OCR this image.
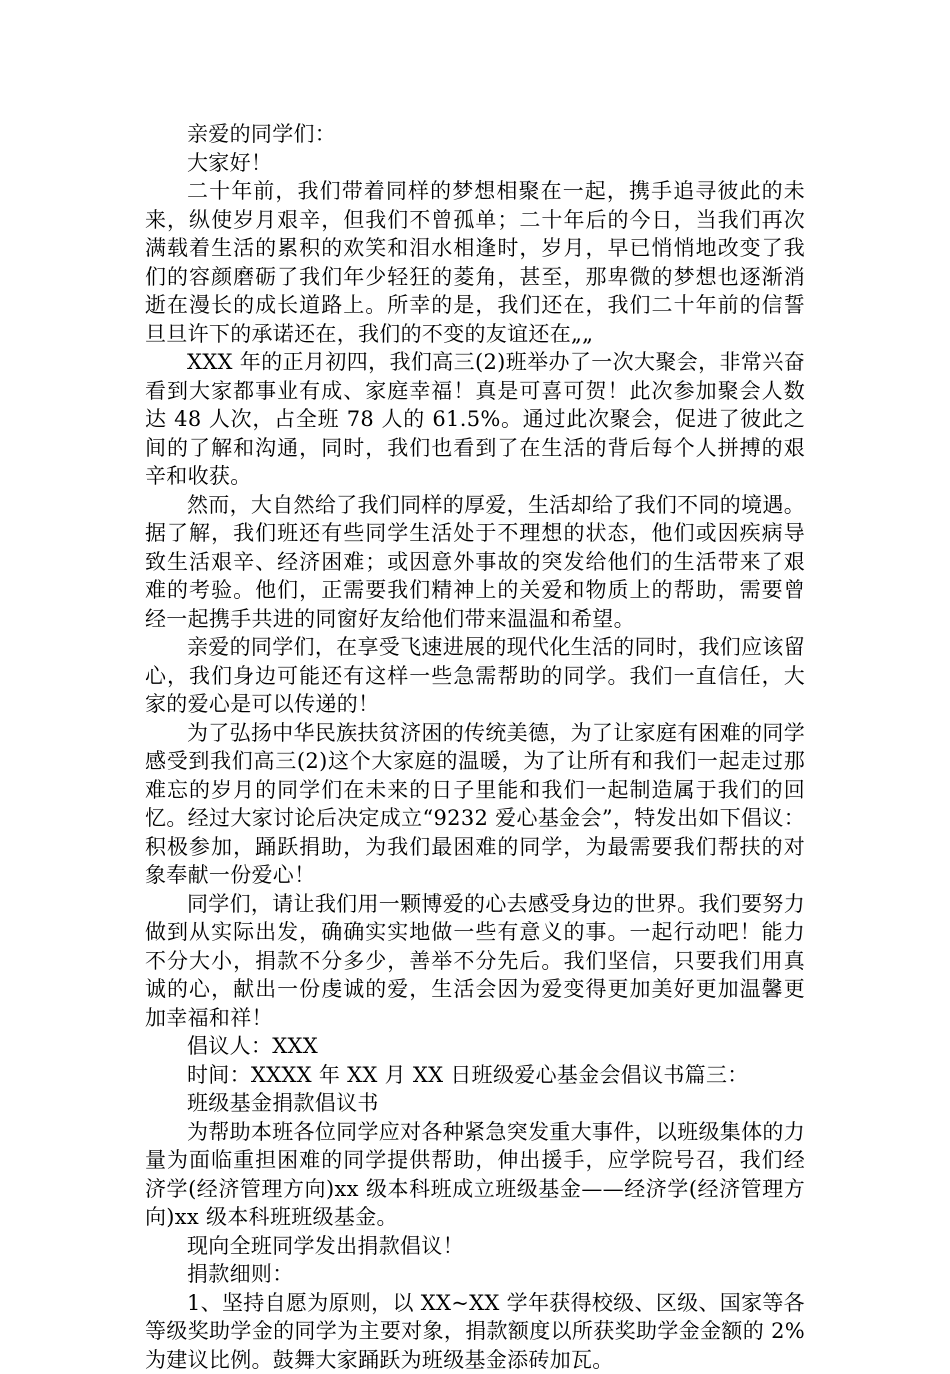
亲爱的同学们：

大家好！

二十年前，我们带着同样的梦想相聚在一起，携手追寻彼此的未来，纵使岁月艰辛，但我们不曾孤单；二十年后的今日，当我们再次满载着生活的累积的欢笑和泪水相逢时，岁月，早已悄悄地改变了我们的容颜磨砺了我们年少轻狂的菱角，甚至，那卑微的梦想也逐渐消逝在漫长的成长道路上。所幸的是，我们还在，我们二十年前的信誓旦旦许下的承诺还在，我们的不变的友谊还在„„

XXX 年的正月初四，我们高三(2)班举办了一次大聚会，非常兴奋看到大家都事业有成、家庭幸福！真是可喜可贺！此次参加聚会人数达 48 人次，占全班 78 人的 61.5%。通过此次聚会，促进了彼此之间的了解和沟通，同时，我们也看到了在生活的背后每个人拼搏的艰辛和收获。

然而，大自然给了我们同样的厚爱，生活却给了我们不同的境遇。据了解，我们班还有些同学生活处于不理想的状态，他们或因疾病导致生活艰辛、经济困难；或因意外事故的突发给他们的生活带来了艰难的考验。他们，正需要我们精神上的关爱和物质上的帮助，需要曾经一起携手共进的同窗好友给他们带来温温和希望。

亲爱的同学们，在享受飞速进展的现代化生活的同时，我们应该留心，我们身边可能还有这样一些急需帮助的同学。我们一直信任，大家的爱心是可以传递的！

为了弘扬中华民族扶贫济困的传统美德，为了让家庭有困难的同学感受到我们高三(2)这个大家庭的温暖，为了让所有和我们一起走过那难忘的岁月的同学们在未来的日子里能和我们一起制造属于我们的回忆。经过大家讨论后决定成立“9232 爱心基金会”，特发出如下倡议：积极参加，踊跃捐助，为我们最困难的同学，为最需要我们帮扶的对象奉献一份爱心！

同学们，请让我们用一颗博爱的心去感受身边的世界。我们要努力做到从实际出发，确确实实地做一些有意义的事。一起行动吧！能力不分大小，捐款不分多少，善举不分先后。我们坚信，只要我们用真诚的心，献出一份虔诚的爱，生活会因为爱变得更加美好更加温馨更加幸福和祥！

倡议人：XXX

时间：XXXX 年 XX 月 XX 日班级爱心基金会倡议书篇三：

班级基金捐款倡议书

为帮助本班各位同学应对各种紧急突发重大事件，以班级集体的力量为面临重担困难的同学提供帮助，伸出援手，应学院号召，我们经济学(经济管理方向)xx 级本科班成立班级基金——经济学(经济管理方向)xx 级本科班班级基金。

现向全班同学发出捐款倡议！

捐款细则：

1、坚持自愿为原则，以 XX~XX 学年获得校级、区级、国家等各等级奖助学金的同学为主要对象，捐款额度以所获奖助学金金额的 2%为建议比例。鼓舞大家踊跃为班级基金添砖加瓦。
